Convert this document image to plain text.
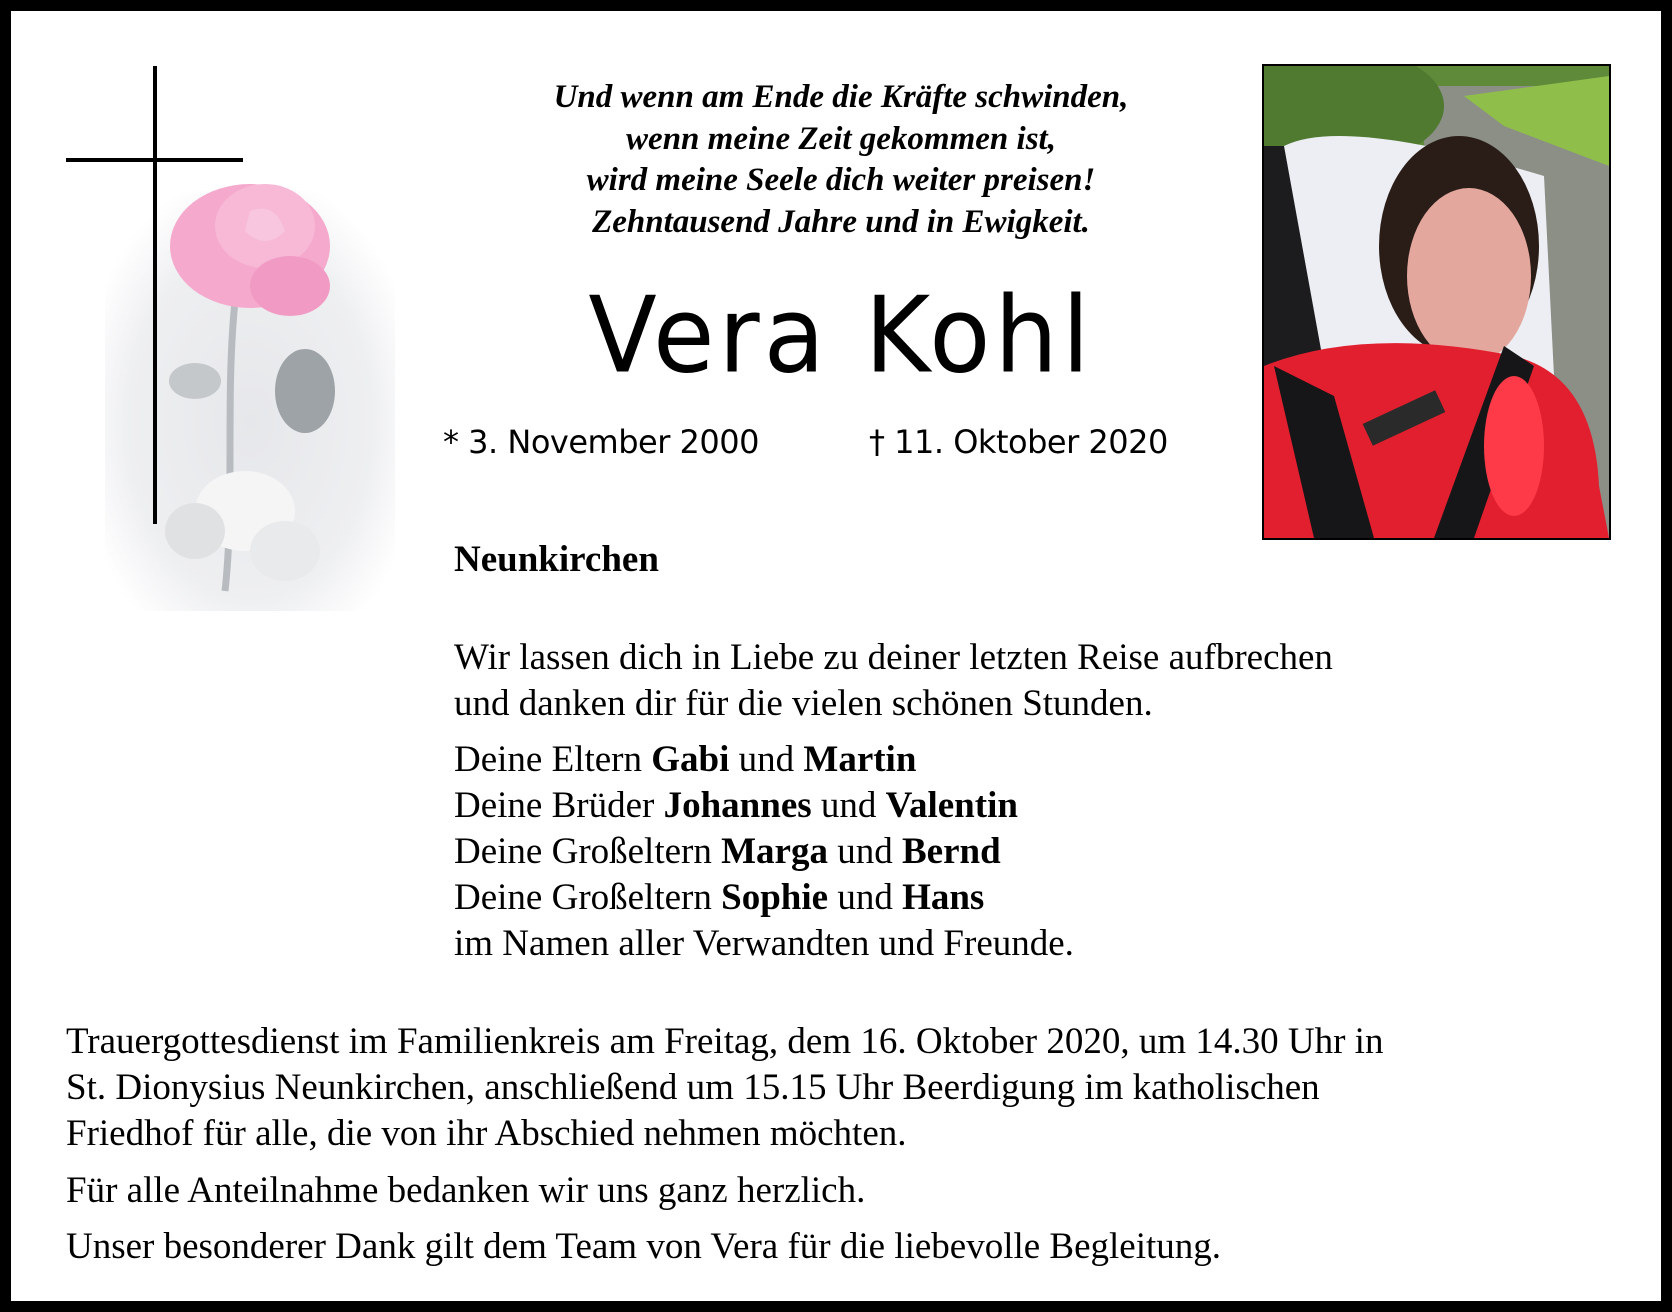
Und wenn am Ende die Kräfte schwinden,
wenn meine Zeit gekommen ist,
wird meine Seele dich weiter preisen!
Zehntausend Jahre und in Ewigkeit.
Vera Kohl
* 3. November 2000	† 11. Oktober 2020
Neunkirchen
Wir lassen dich in Liebe zu deiner letzten Reise aufbrechen
und danken dir für die vielen schönen Stunden.
Deine Eltern Gabi und Martin
Deine Brüder Johannes und Valentin
Deine Großeltern Marga und Bernd
Deine Großeltern Sophie und Hans
im Namen aller Verwandten und Freunde.
Trauergottesdienst im Familienkreis am Freitag, dem 16. Oktober 2020, um 14.30 Uhr in
St. Dionysius Neunkirchen, anschließend um 15.15 Uhr Beerdigung im katholischen
Friedhof für alle, die von ihr Abschied nehmen möchten.
Für alle Anteilnahme bedanken wir uns ganz herzlich.
Unser besonderer Dank gilt dem Team von Vera für die liebevolle Begleitung.
